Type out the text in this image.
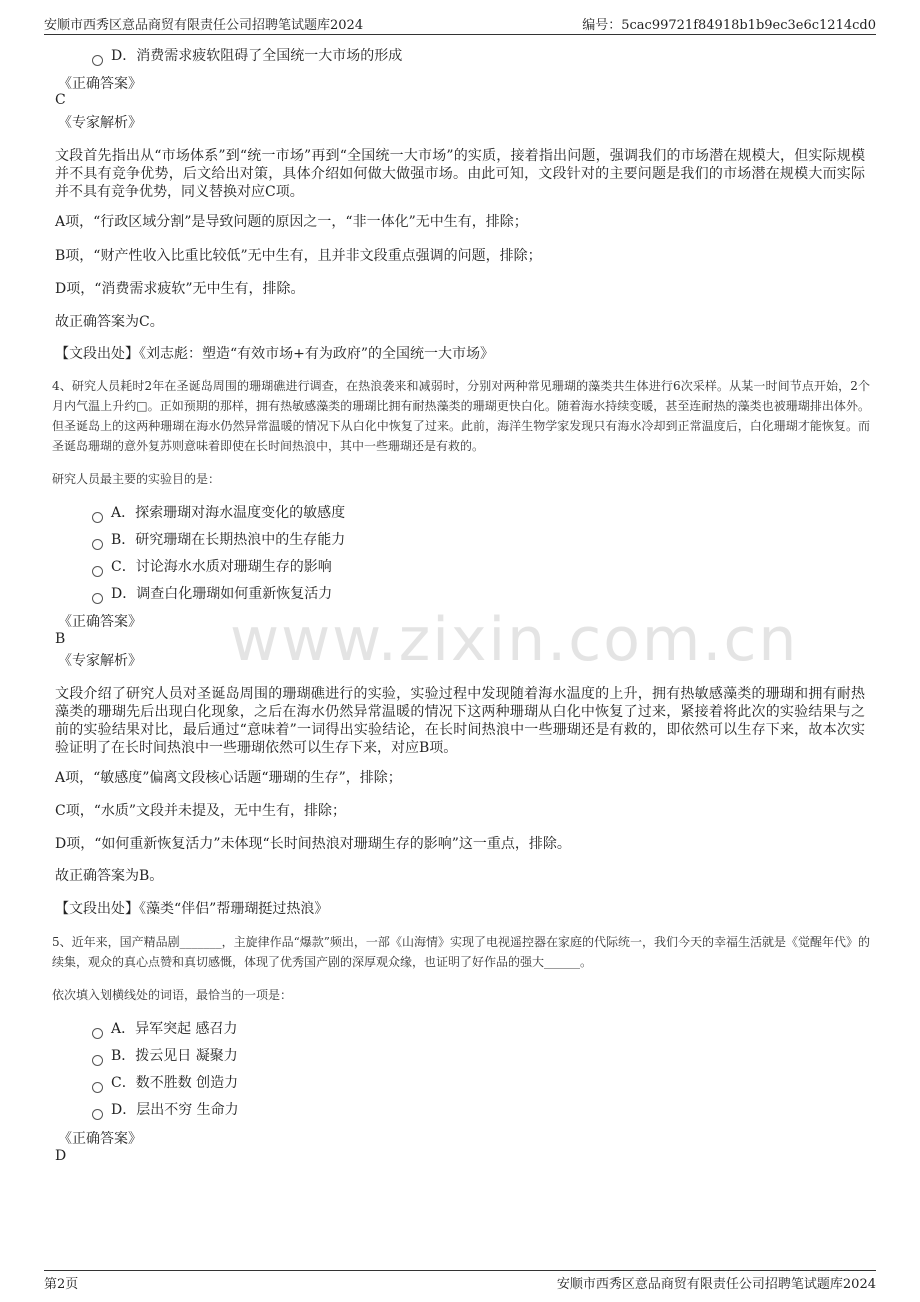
安顺市西秀区意品商贸有限责任公司招聘笔试题库2024	编号：5cac99721f84918b1b9ec3e6c1214cd0
www.zixin.com.cn
D．消费需求疲软阻碍了全国统一大市场的形成
《正确答案》
C
《专家解析》
文段首先指出从“市场体系”到“统一市场”再到“全国统一大市场”的实质，接着指出问题，强调我们的市场潜在规模大，但实际规模并不具有竞争优势，后文给出对策，具体介绍如何做大做强市场。由此可知，文段针对的主要问题是我们的市场潜在规模大而实际并不具有竞争优势，同义替换对应C项。
A项，“行政区域分割”是导致问题的原因之一，“非一体化”无中生有，排除；
B项，“财产性收入比重比较低”无中生有，且并非文段重点强调的问题，排除；
D项，“消费需求疲软”无中生有，排除。
故正确答案为C。
【文段出处】《刘志彪：塑造“有效市场+有为政府”的全国统一大市场》
4、研究人员耗时2年在圣诞岛周围的珊瑚礁进行调查，在热浪袭来和减弱时，分别对两种常见珊瑚的藻类共生体进行6次采样。从某一时间节点开始，2个月内气温上升约□。正如预期的那样，拥有热敏感藻类的珊瑚比拥有耐热藻类的珊瑚更快白化。随着海水持续变暖，甚至连耐热的藻类也被珊瑚排出体外。但圣诞岛上的这两种珊瑚在海水仍然异常温暖的情况下从白化中恢复了过来。此前，海洋生物学家发现只有海水冷却到正常温度后，白化珊瑚才能恢复。而圣诞岛珊瑚的意外复苏则意味着即使在长时间热浪中，其中一些珊瑚还是有救的。
研究人员最主要的实验目的是：
A．探索珊瑚对海水温度变化的敏感度
B．研究珊瑚在长期热浪中的生存能力
C．讨论海水水质对珊瑚生存的影响
D．调查白化珊瑚如何重新恢复活力
《正确答案》
B
《专家解析》
文段介绍了研究人员对圣诞岛周围的珊瑚礁进行的实验，实验过程中发现随着海水温度的上升，拥有热敏感藻类的珊瑚和拥有耐热藻类的珊瑚先后出现白化现象，之后在海水仍然异常温暖的情况下这两种珊瑚从白化中恢复了过来，紧接着将此次的实验结果与之前的实验结果对比，最后通过“意味着”一词得出实验结论，在长时间热浪中一些珊瑚还是有救的，即依然可以生存下来，故本次实验证明了在长时间热浪中一些珊瑚依然可以生存下来，对应B项。
A项，“敏感度”偏离文段核心话题“珊瑚的生存”，排除；
C项，“水质”文段并未提及，无中生有，排除；
D项，“如何重新恢复活力”未体现“长时间热浪对珊瑚生存的影响”这一重点，排除。
故正确答案为B。
【文段出处】《藻类“伴侣”帮珊瑚挺过热浪》
5、近年来，国产精品剧_______，主旋律作品“爆款”频出，一部《山海情》实现了电视遥控器在家庭的代际统一，我们今天的幸福生活就是《觉醒年代》的续集，观众的真心点赞和真切感慨，体现了优秀国产剧的深厚观众缘，也证明了好作品的强大______。
依次填入划横线处的词语，最恰当的一项是：
A．异军突起 感召力
B．拨云见日 凝聚力
C．数不胜数 创造力
D．层出不穷 生命力
《正确答案》
D
第2页	安顺市西秀区意品商贸有限责任公司招聘笔试题库2024
